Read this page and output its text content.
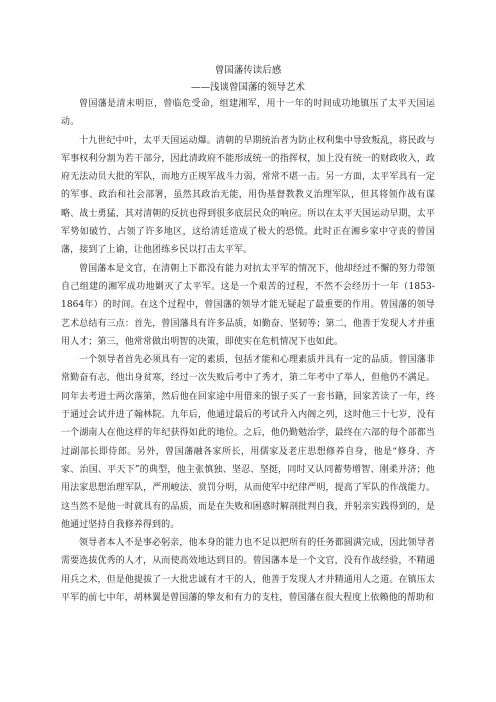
曾国藩传读后感

——浅谈曾国藩的领导艺术

曾国藩是清末明臣，曾临危受命，组建湘军，用十一年的时间成功地镇压了太平天国运动。

十九世纪中叶，太平天国运动爆。清朝的早期统治者为防止权利集中导致叛乱，将民政与军事权利分割为若干部分，因此清政府不能形成统一的指挥权，加上没有统一的财政收入，政府无法动员大批的军队，而地方正规军战斗力弱，常常不堪一击。另一方面，太平军具有一定的军事、政治和社会部署，虽然其政治无能，用伪基督教教义治理军队，但其将领作战有谋略、战士勇猛，其对清朝的反抗也得到很多底层民众的响应。所以在太平天国运动早期，太平军势如破竹，占领了许多地区，这给清廷造成了极大的恐慌。此时正在湘乡家中守丧的曾国藩，接到了上谕，让他团练乡民以打击太平军。

曾国藩本是文官，在清朝上下都没有能力对抗太平军的情况下，他却经过不懈的努力带领自己组建的湘军成功地剿灭了太平军。这是一个艰苦的过程，不然不会经历十一年（1853-1864年）的时间。在这个过程中，曾国藩的领导才能无疑起了最重要的作用。曾国藩的领导艺术总结有三点：首先，曾国藩具有许多品质，如勤奋、坚韧等；第二，他善于发现人才并重用人才；第三，他常常做出明智的决策，即使实在危机情况下也如此。

一个领导者首先必须具有一定的素质，包括才能和心理素质并具有一定的品质。曾国藩非常勤奋有志，他出身贫寒，经过一次失败后考中了秀才，第二年考中了举人，但他仍不满足。同年去考进士两次落第，然后他在回家途中用借来的银子买了一套书籍，回家苦读了一年，终于通过会试并进了翰林院。九年后，他通过最后的考试升入内阁之列，这时他三十七岁，没有一个湖南人在他这样的年纪获得如此的地位。之后，他仍勤勉治学，最终在六部的每个部都当过副部长即侍郎。另外，曾国藩融各家所长，用儒家及老庄思想修养自身，他是“修身、齐家、治国、平天下”的典型，他主张慎独、坚忍、坚挺，同时又认同蓄势增智、刚柔并济；他用法家思想治理军队，严刑峻法、赏罚分明，从而使军中纪律严明，提高了军队的作战能力。这当然不是他一时就具有的品质，而是在失败和困惑时解剖批判自我，并躬亲实践得到的，是他通过坚持自我修养得到的。

领导者本人不是事必躬亲，他本身的能力也不足以把所有的任务都圆满完成，因此领导者需要选拔优秀的人才，从而使高效地达到目的。曾国藩本是一个文官，没有作战经验，不精通用兵之术，但是他提拔了一大批忠诚有才干的人，他善于发现人才并精通用人之道。在镇压太平军的前七中年，胡林翼是曾国藩的挚友和有力的支柱，曾国藩在很大程度上依赖他的帮助和
